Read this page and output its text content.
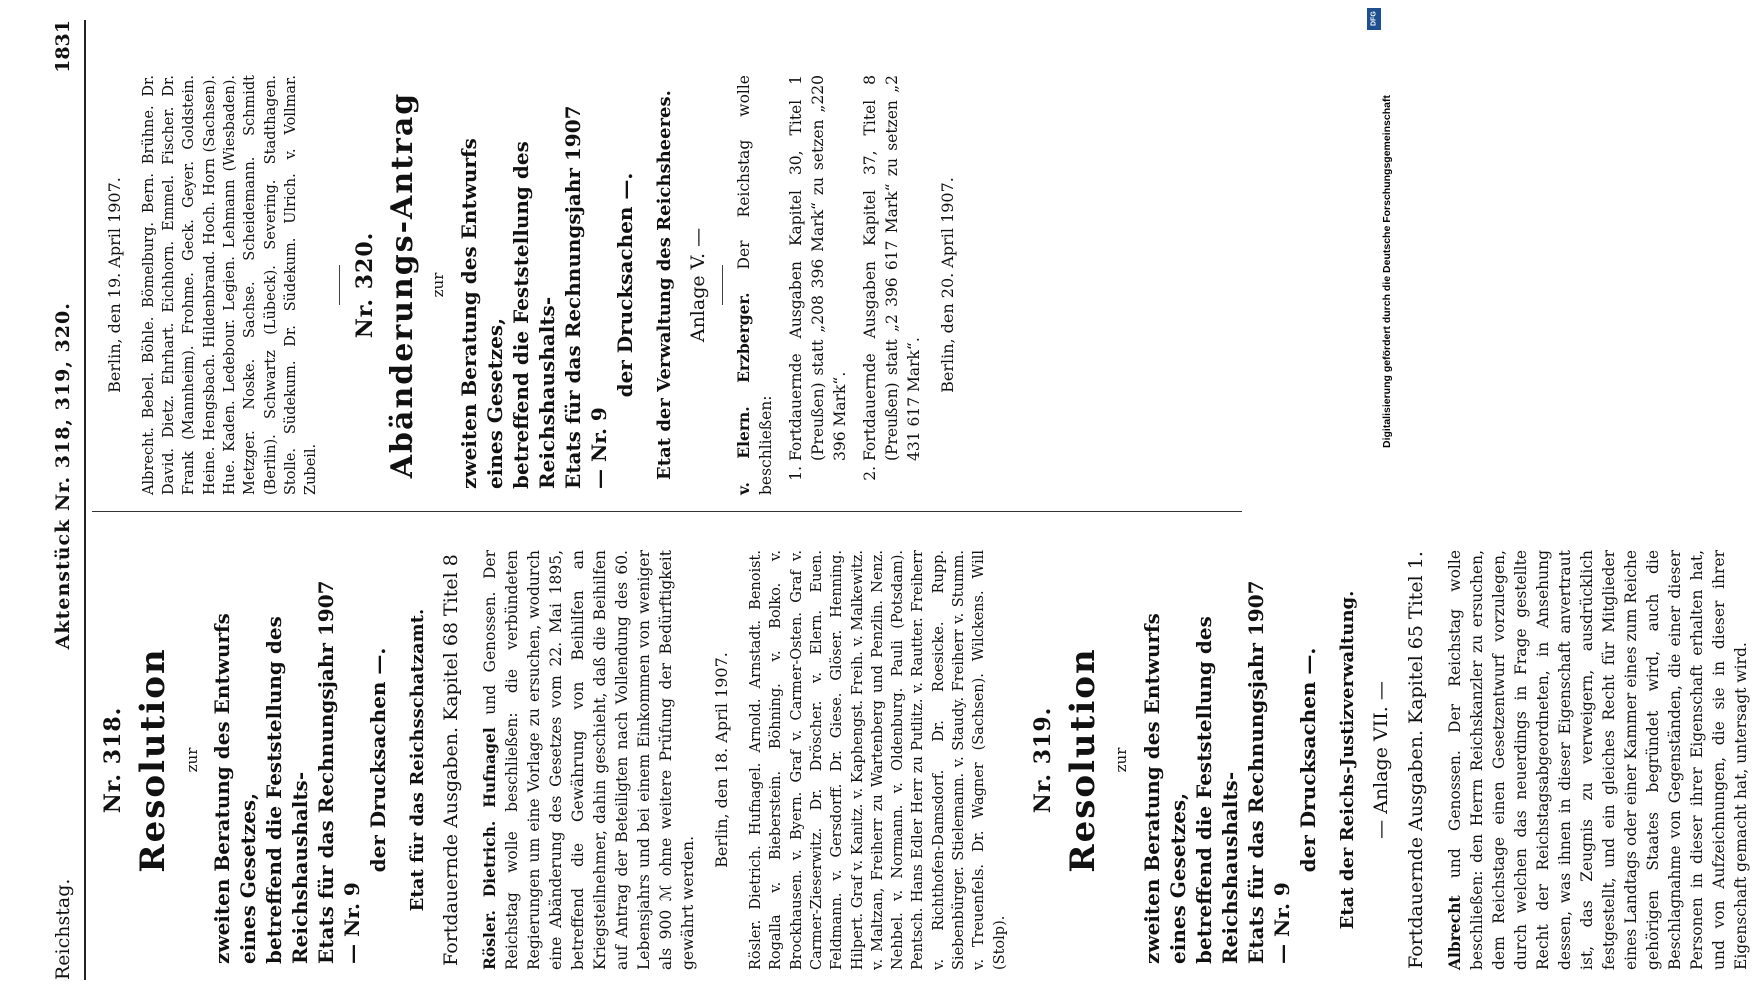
Reichstag.
Aktenstück Nr. 318, 319, 320.
1831
Nr. 318. Resolution zur zweiten Beratung des Entwurfs eines Gesetzes, betreffend die Feststellung des Reichshaushalts- Etats für das Rechnungsjahr 1907 — Nr. 9
der Drucksachen —. Etat für das Reichsschatzamt. Fortdauernde Ausgaben. Kapitel 68 Titel 8 Rösler. Dietrich. Hufnagel und Genossen. Der Reichstag wolle beschließen: die verbündeten Regierungen um eine Vorlage zu ersuchen, wodurch eine Abänderung des Gesetzes vom 22. Mai 1895, betreffend die Gewährung von Beihilfen an Kriegsteilnehmer, dahin geschieht, daß die Beihilfen auf Antrag der Beteiligten nach Vollendung des 60. Lebensjahrs und bei einem Einkommen von weniger als 900 ℳ ohne weitere Prüfung der Bedürftigkeit gewährt werden.

Berlin, den 18. April 1907. Rösler. Dietrich. Hufnagel. Arnold. Arnstadt. Benoist. Rogalla v. Bieberstein. Böhning. v. Bolko. v. Brockhausen. v. Byern. Graf v. Carmer-Osten. Graf v. Carmer-Zieserwitz. Dr. Dröscher. v. Elern. Euen. Feldmann. v. Gersdorff. Dr. Giese. Glöser. Henning. Hilpert. Graf v. Kanitz. v. Kaphengst. Freih. v. Malkewitz. v. Maltzan, Freiherr zu Wartenberg und Penzlin. Nenz. Nehbel. v. Normann. v. Oldenburg. Pauli (Potsdam). Pentsch. Hans Edler Herr zu Putlitz. v. Rautter. Freiherr v. Richthofen-Damsdorf. Dr. Roesicke. Rupp. Siebenbürger. Stielemann. v. Staudy. Freiherr v. Stumm. v. Treuenfels. Dr. Wagner (Sachsen). Wilckens. Will (Stolp).
Nr. 319. Resolution zur zweiten Beratung des Entwurfs eines Gesetzes, betreffend die Feststellung des Reichshaushalts- Etats für das Rechnungsjahr 1907 — Nr. 9
der Drucksachen —. Etat der Reichs-Justizverwaltung. — Anlage VII. — Fortdauernde Ausgaben. Kapitel 65 Titel 1. Albrecht und Genossen. Der Reichstag wolle beschließen: den Herrn Reichskanzler zu ersuchen, dem Reichstage einen Gesetzentwurf vorzulegen, durch welchen das neuerdings in Frage gestellte Recht der Reichstagsabgeordneten, in Ansehung dessen, was ihnen in dieser Eigenschaft anvertraut ist, das Zeugnis zu verweigern, ausdrücklich festgestellt, und ein gleiches Recht für Mitglieder eines Landtags oder einer Kammer eines zum Reiche gehörigen Staates begründet wird, auch die Beschlagnahme von Gegenständen, die einer dieser Personen in dieser ihrer Eigenschaft erhalten hat, und von Aufzeichnungen, die sie in dieser ihrer Eigenschaft gemacht hat, untersagt wird.

Berlin, den 19. April 1907. Albrecht. Bebel. Böhle. Bömelburg. Bern. Brühne. Dr. David. Dietz. Ehrhart. Eichhorn. Emmel. Fischer. Dr. Frank (Mannheim). Frohme. Geck. Geyer. Goldstein. Heine. Hengsbach. Hildenbrand. Hoch. Horn (Sachsen). Hue. Kaden. Ledebour. Legien. Lehmann (Wiesbaden). Metzger. Noske. Sachse. Scheidemann. Schmidt (Berlin). Schwartz (Lübeck). Severing. Stadthagen. Stolle. Südekum. Dr. Südekum. Ulrich. v. Vollmar. Zubeil.
Nr. 320. Abänderungs-Antrag zur zweiten Beratung des Entwurfs eines Gesetzes, betreffend die Feststellung des Reichshaushalts- Etats für das Rechnungsjahr 1907 — Nr. 9
der Drucksachen —. Etat der Verwaltung des Reichsheeres. Anlage V. —

v. Elern. Erzberger. Der Reichstag wolle beschließen: 1. Fortdauernde Ausgaben Kapitel 30, Titel 1 (Preußen) statt „208 396 Mark“ zu setzen „220 396 Mark“. 2. Fortdauernde Ausgaben Kapitel 37, Titel 8 (Preußen) statt „2 396 617 Mark“ zu setzen „2 431 617 Mark“.
Berlin, den 20. April 1907.
DFG
Digitalisierung gefördert durch die Deutsche Forschungsgemeinschaft
